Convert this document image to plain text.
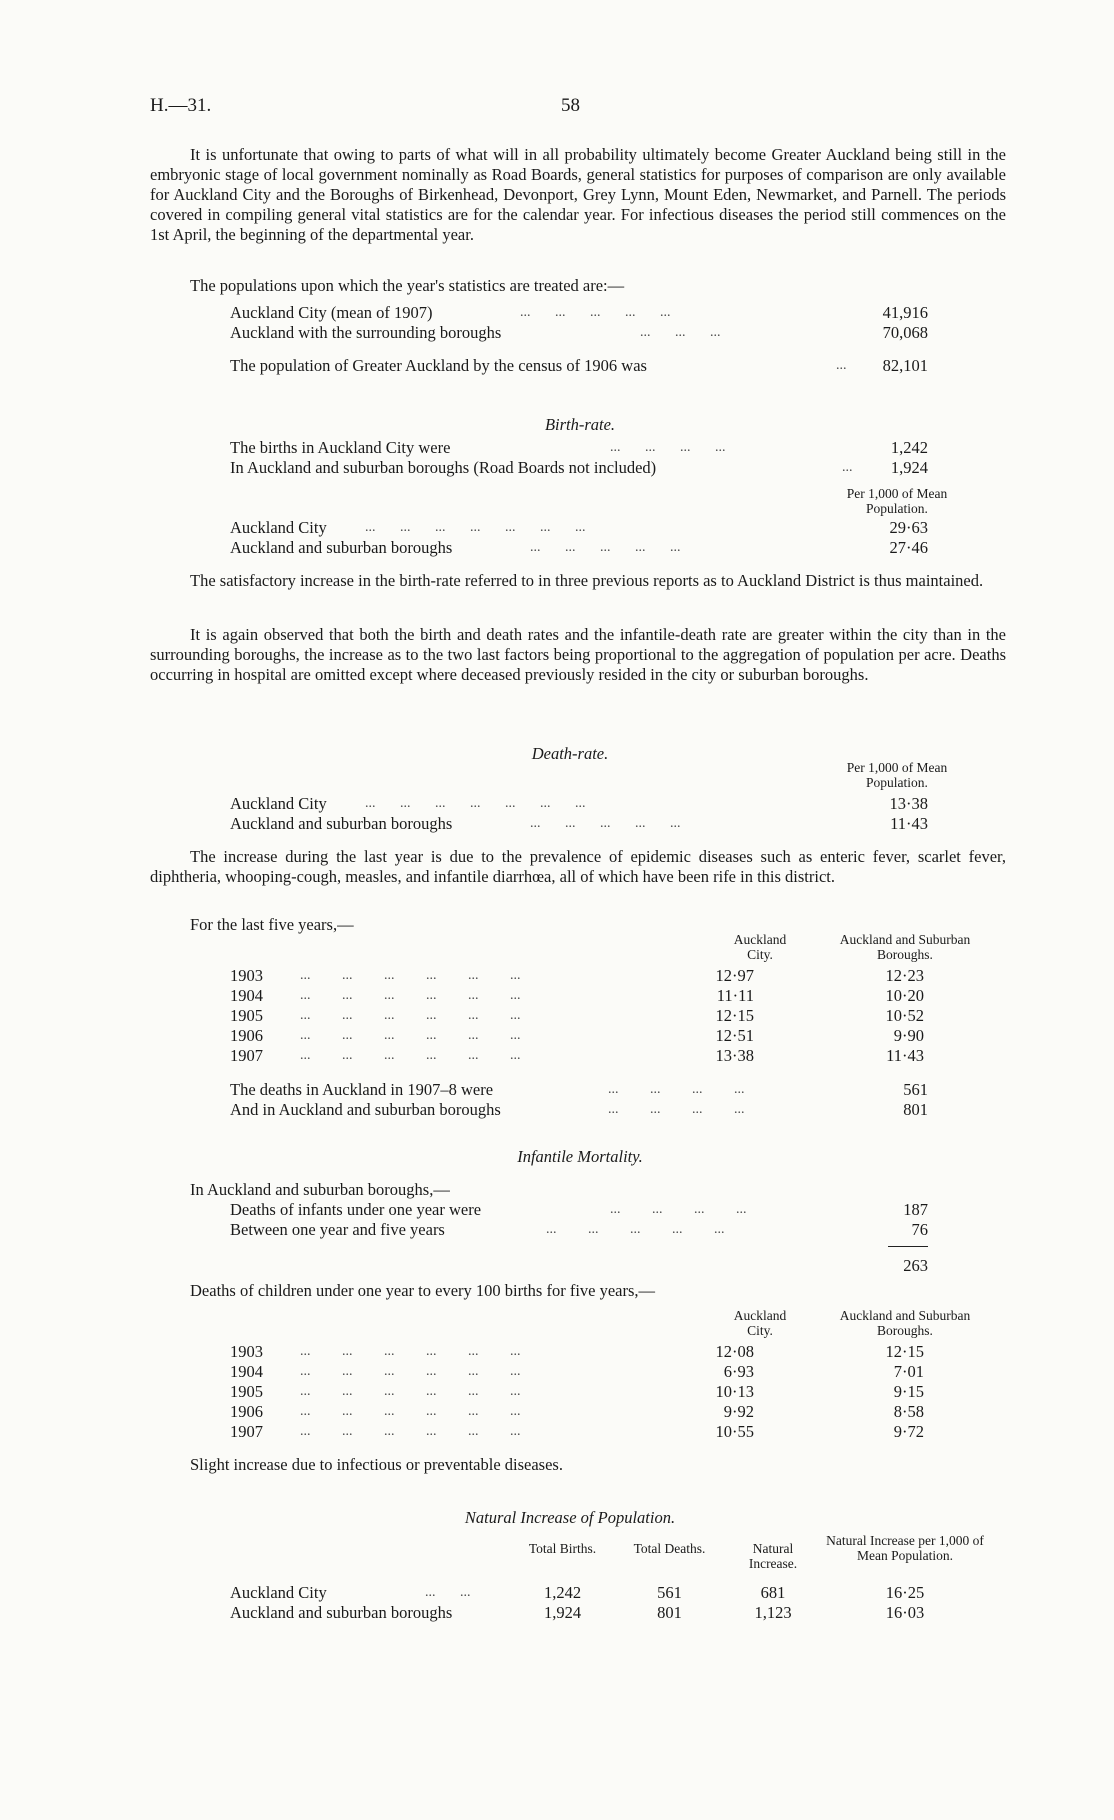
H.—31.	58
It is unfortunate that owing to parts of what will in all probability ultimately become Greater Auckland being still in the embryonic stage of local government nominally as Road Boards, general statistics for purposes of comparison are only available for Auckland City and the Boroughs of Birkenhead, Devonport, Grey Lynn, Mount Eden, Newmarket, and Parnell. The periods covered in compiling general vital statistics are for the calendar year. For infectious diseases the period still commences on the 1st April, the beginning of the departmental year.
The populations upon which the year's statistics are treated are:—
Auckland City (mean of 1907)	...       ...       ...       ...       ...	41,916
Auckland with the surrounding boroughs	...       ...       ...	70,068
The population of Greater Auckland by the census of 1906 was	... 82,101
Birth-rate.
The births in Auckland City were	...       ...       ...       ...	1,242
In Auckland and suburban boroughs (Road Boards not included)	... 1,924
Per 1,000 of Mean Population.
Auckland City	...       ...       ...       ...       ...       ...       ...	29·63
Auckland and suburban boroughs	...       ...       ...       ...       ...	27·46
The satisfactory increase in the birth-rate referred to in three previous reports as to Auckland District is thus maintained.
It is again observed that both the birth and death rates and the infantile-death rate are greater within the city than in the surrounding boroughs, the increase as to the two last factors being proportional to the aggregation of population per acre. Deaths occurring in hospital are omitted except where deceased previously resided in the city or suburban boroughs.
Death-rate.
Per 1,000 of Mean Population.
Auckland City	...       ...       ...       ...       ...       ...       ...	13·38
Auckland and suburban boroughs	...       ...       ...       ...       ...	11·43
The increase during the last year is due to the prevalence of epidemic diseases such as enteric fever, scarlet fever, diphtheria, whooping-cough, measles, and infantile diarrhœa, all of which have been rife in this district.
For the last five years,—
Auckland City.
Auckland and Suburban Boroughs.
1903	...         ...         ...         ...         ...         ...	12·97	12·23
1904	...         ...         ...         ...         ...         ...	11·11	10·20
1905	...         ...         ...         ...         ...         ...	12·15	10·52
1906	...         ...         ...         ...         ...         ...	12·51	9·90
1907	...         ...         ...         ...         ...         ...	13·38	11·43
The deaths in Auckland in 1907–8 were	...         ...         ...         ...	561
And in Auckland and suburban boroughs	...         ...         ...         ...	801
Infantile Mortality.
In Auckland and suburban boroughs,—
Deaths of infants under one year were	...         ...         ...         ...	187
Between one year and five years	...         ...         ...         ...         ...	76
263
Deaths of children under one year to every 100 births for five years,—
Auckland City.
Auckland and Suburban Boroughs.
1903	...         ...         ...         ...         ...         ...	12·08	12·15
1904	...         ...         ...         ...         ...         ...	6·93	7·01
1905	...         ...         ...         ...         ...         ...	10·13	9·15
1906	...         ...         ...         ...         ...         ...	9·92	8·58
1907	...         ...         ...         ...         ...         ...	10·55	9·72
Slight increase due to infectious or preventable diseases.
Natural Increase of Population.
Total Births.	Total Deaths.	Natural Increase.
Natural Increase per 1,000 of Mean Population.
Auckland City	...       ...	1,242	561	681	16·25
Auckland and suburban boroughs	1,924	801	1,123	16·03
